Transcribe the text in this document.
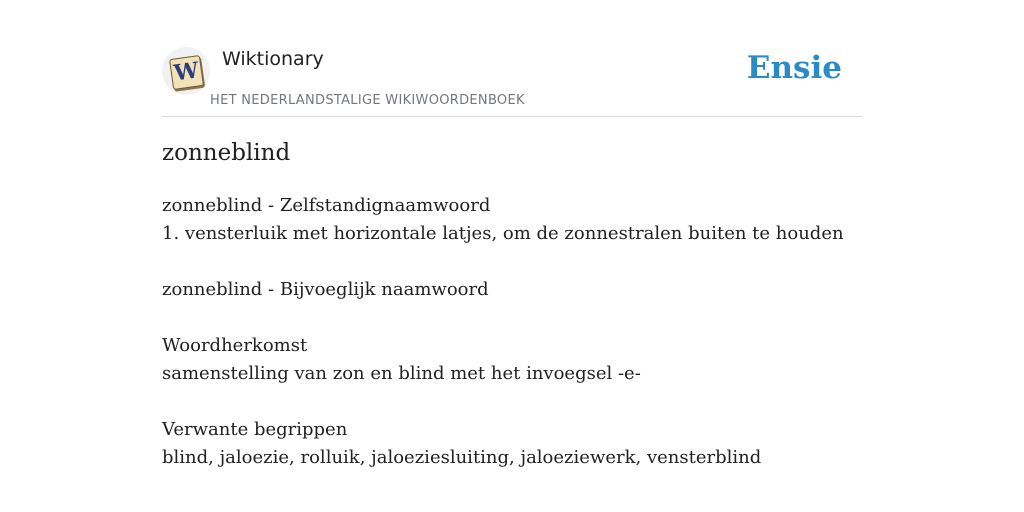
W Wiktionary
HET NEDERLANDSTALIGE WIKIWOORDENBOEK
Ensie
zonneblind
zonneblind - Zelfstandignaamwoord
1. vensterluik met horizontale latjes, om de zonnestralen buiten te houden
zonneblind - Bijvoeglijk naamwoord
Woordherkomst
samenstelling van zon en blind met het invoegsel -e-
Verwante begrippen
blind, jaloezie, rolluik, jaloeziesluiting, jaloeziewerk, vensterblind
